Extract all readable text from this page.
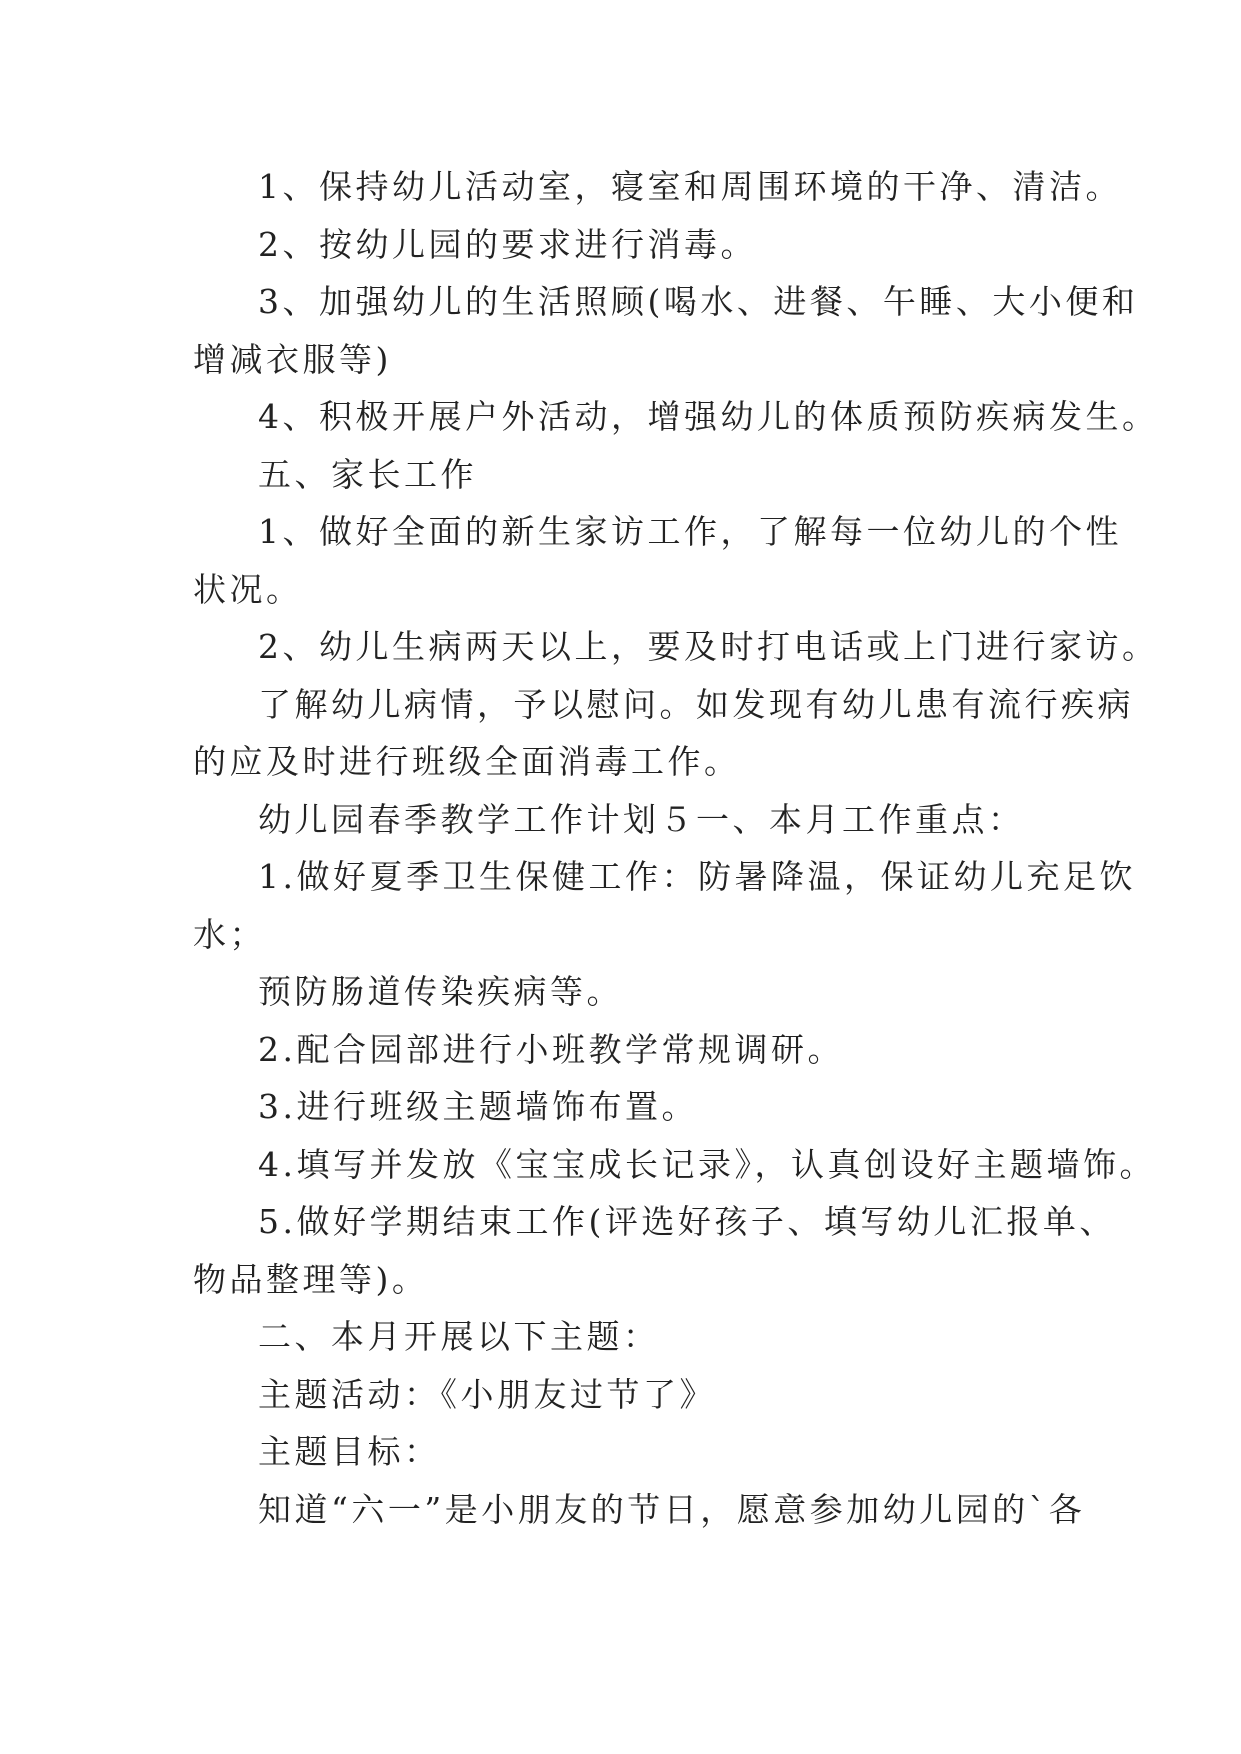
1、保持幼儿活动室，寝室和周围环境的干净、清洁。
2、按幼儿园的要求进行消毒。
3、加强幼儿的生活照顾(喝水、进餐、午睡、大小便和
增减衣服等)
4、积极开展户外活动，增强幼儿的体质预防疾病发生。
五、家长工作
1、做好全面的新生家访工作，了解每一位幼儿的个性
状况。
2、幼儿生病两天以上，要及时打电话或上门进行家访。
了解幼儿病情，予以慰问。如发现有幼儿患有流行疾病
的应及时进行班级全面消毒工作。
幼儿园春季教学工作计划５一、本月工作重点：
1.做好夏季卫生保健工作：防暑降温，保证幼儿充足饮
水；
预防肠道传染疾病等。
2.配合园部进行小班教学常规调研。
3.进行班级主题墙饰布置。
4.填写并发放《宝宝成长记录》，认真创设好主题墙饰。
5.做好学期结束工作(评选好孩子、填写幼儿汇报单、
物品整理等)。
二、本月开展以下主题：
主题活动：《小朋友过节了》
主题目标：
知道“六一”是小朋友的节日，愿意参加幼儿园的`各
